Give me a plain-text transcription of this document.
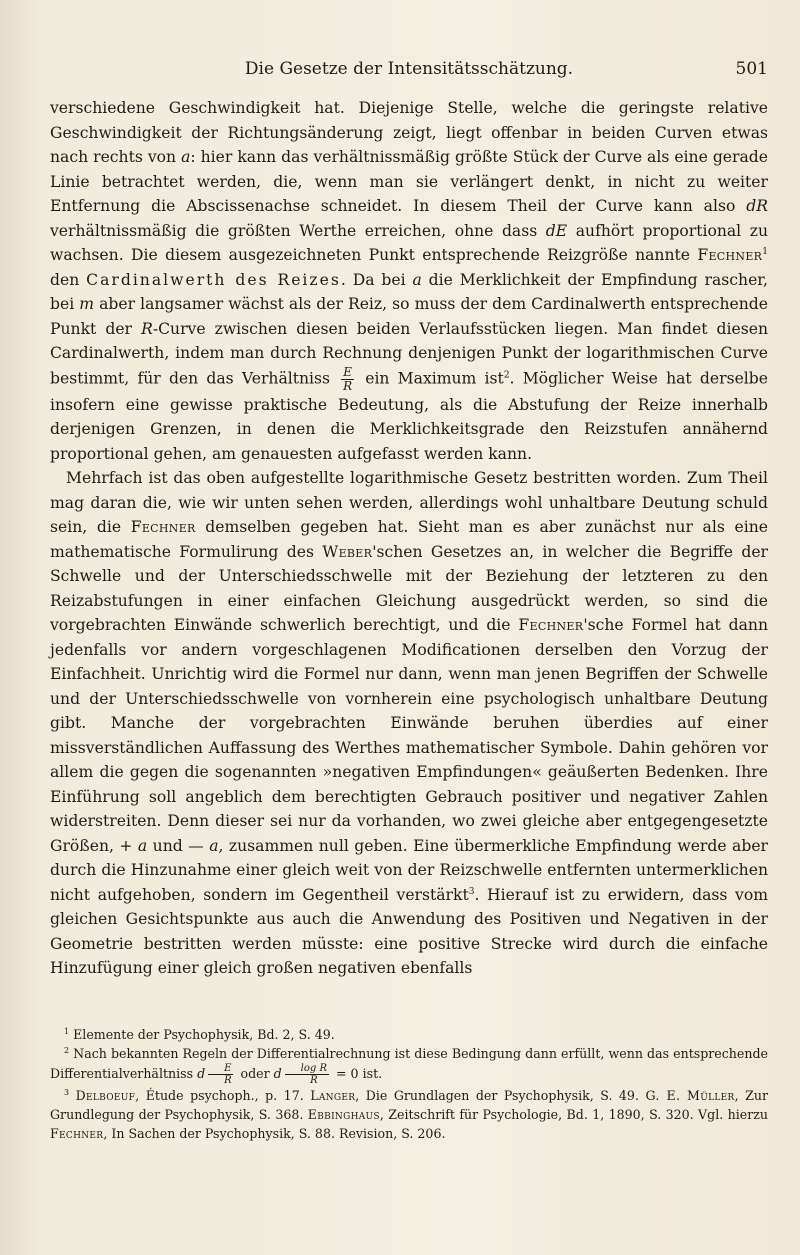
Die Gesetze der Intensitätsschätzung.	501

verschiedene Geschwindigkeit hat. Diejenige Stelle, welche die geringste relative Geschwindigkeit der Richtungsänderung zeigt, liegt offenbar in beiden Curven etwas nach rechts von a: hier kann das verhältnissmäßig größte Stück der Curve als eine gerade Linie betrachtet werden, die, wenn man sie verlängert denkt, in nicht zu weiter Entfernung die Abscissenachse schneidet. In diesem Theil der Curve kann also dR verhältnissmäßig die größten Werthe erreichen, ohne dass dE aufhört proportional zu wachsen. Die diesem ausgezeichneten Punkt entsprechende Reizgröße nannte Fechner$^1$ den Cardinalwerth des Reizes. Da bei a die Merklichkeit der Empfindung rascher, bei m aber langsamer wächst als der Reiz, so muss der dem Cardinalwerth entsprechende Punkt der R-Curve zwischen diesen beiden Verlaufsstücken liegen. Man findet diesen Cardinalwerth, indem man durch Rechnung denjenigen Punkt der logarithmischen Curve bestimmt, für den das Verhältniss $\frac{E}{R}$ ein Maximum ist$^2$. Möglicher Weise hat derselbe insofern eine gewisse praktische Bedeutung, als die Abstufung der Reize innerhalb derjenigen Grenzen, in denen die Merklichkeitsgrade den Reizstufen annähernd proportional gehen, am genauesten aufgefasst werden kann.

Mehrfach ist das oben aufgestellte logarithmische Gesetz bestritten worden. Zum Theil mag daran die, wie wir unten sehen werden, allerdings wohl unhaltbare Deutung schuld sein, die Fechner demselben gegeben hat. Sieht man es aber zunächst nur als eine mathematische Formulirung des Weber'schen Gesetzes an, in welcher die Begriffe der Schwelle und der Unterschiedsschwelle mit der Beziehung der letzteren zu den Reizabstufungen in einer einfachen Gleichung ausgedrückt werden, so sind die vorgebrachten Einwände schwerlich berechtigt, und die Fechner'sche Formel hat dann jedenfalls vor andern vorgeschlagenen Modificationen derselben den Vorzug der Einfachheit. Unrichtig wird die Formel nur dann, wenn man jenen Begriffen der Schwelle und der Unterschiedsschwelle von vornherein eine psychologisch unhaltbare Deutung gibt. Manche der vorgebrachten Einwände beruhen überdies auf einer missverständlichen Auffassung des Werthes mathematischer Symbole. Dahin gehören vor allem die gegen die sogenannten »negativen Empfindungen« geäußerten Bedenken. Ihre Einführung soll angeblich dem berechtigten Gebrauch positiver und negativer Zahlen widerstreiten. Denn dieser sei nur da vorhanden, wo zwei gleiche aber entgegengesetzte Größen, + a und — a, zusammen null geben. Eine übermerkliche Empfindung werde aber durch die Hinzunahme einer gleich weit von der Reizschwelle entfernten untermerklichen nicht aufgehoben, sondern im Gegentheil verstärkt$^3$. Hierauf ist zu erwidern, dass vom gleichen Gesichtspunkte aus auch die Anwendung des Positiven und Negativen in der Geometrie bestritten werden müsste: eine positive Strecke wird durch die einfache Hinzufügung einer gleich großen negativen ebenfalls

$^1$ Elemente der Psychophysik, Bd. 2, S. 49.

$^2$ Nach bekannten Regeln der Differentialrechnung ist diese Bedingung dann erfüllt, wenn das entsprechende Differentialverhältniss d $\frac{E}{R}$ oder d $\frac{\text{log R}}{R} = 0$ ist.

$^3$ Delboeuf, Étude psychoph., p. 17. Langer, Die Grundlagen der Psychophysik, S. 49. G. E. Müller, Zur Grundlegung der Psychophysik, S. 368. Ebbinghaus, Zeitschrift für Psychologie, Bd. 1, 1890, S. 320. Vgl. hierzu Fechner, In Sachen der Psychophysik, S. 88. Revision, S. 206.
